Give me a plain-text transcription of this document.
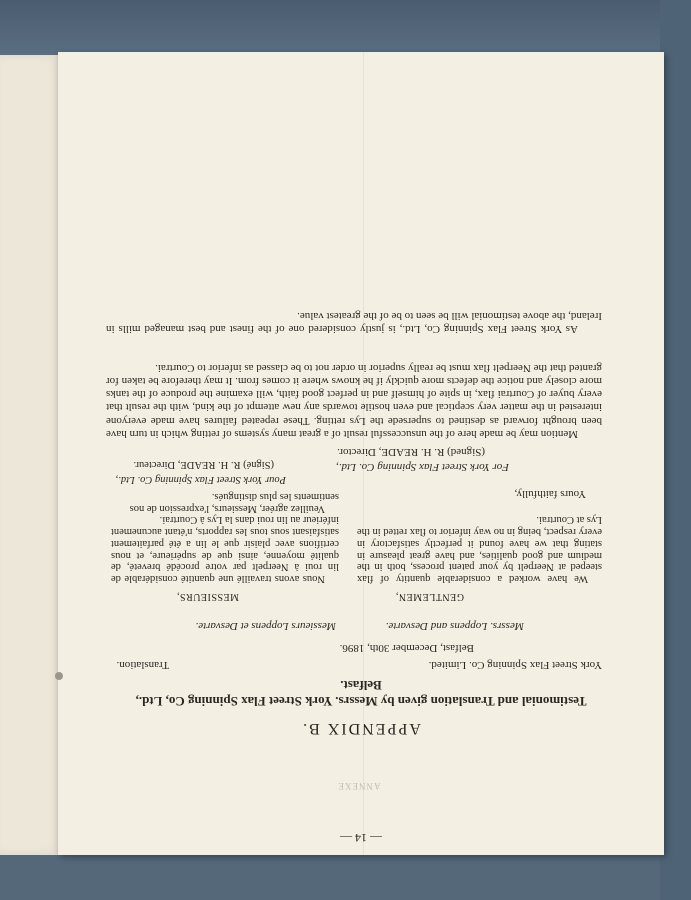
— 14 —
ANNEXE
APPENDIX B.
Testimonial and Translation given by Messrs. York Street Flax Spinning Co, Ltd.,
Belfast.
York Street Flax Spinning Co. Limited.
Translation.
Belfast, December 30th, 1896.
Messrs. Loppens and Desvarte.
Messieurs Loppens et Desvarte.
GENTLEMEN,
MESSIEURS,

We have worked a considerable quantity of flax steeped at Neerpelt by your patent process, both in the medium and good qualities, and have great pleasure in stating that we have found it perfectly satisfactory in every respect, being in no way inferior to flax retted in the Lys at Courtrai.

Nous avons travaillé une quantité considérable de lin roui à Neerpelt par votre procédé breveté, de qualité moyenne, ainsi que de supérieure, et nous certifions avec plaisir que le lin a été parfaitement satisfaisant sous tous les rapports, n'étant aucunement inférieur au lin roui dans la Lys à Courtrai.

Yours faithfully,
For York Street Flax Spinning Co. Ltd.,
(Signed) R. H. READE, Director.
Veuillez agréer, Messieurs, l'expression de nos sentiments les plus distingués.
Pour York Street Flax Spinning Co. Ltd.,
(Signé) R. H. READE, Directeur.

Mention may be made here of the unsuccessful result of a great many systems of retting which in turn have been brought forward as destined to supersede the Lys retting. These repeated failures have made everyone interested in the matter very sceptical and even hostile towards any new attempt of the kind, with the result that every buyer of Courtrai flax, in spite of himself and in perfect good faith, will examine the produce of the tanks more closely and notice the defects more quickly if he knows where it comes from. It may therefore be taken for granted that the Neerpelt flax must be really superior in order not to be classed as inferior to Courtrai.

As York Street Flax Spinning Co, Ltd., is justly considered one of the finest and best managed mills in Ireland, the above testimonial will be seen to be of the greatest value.
